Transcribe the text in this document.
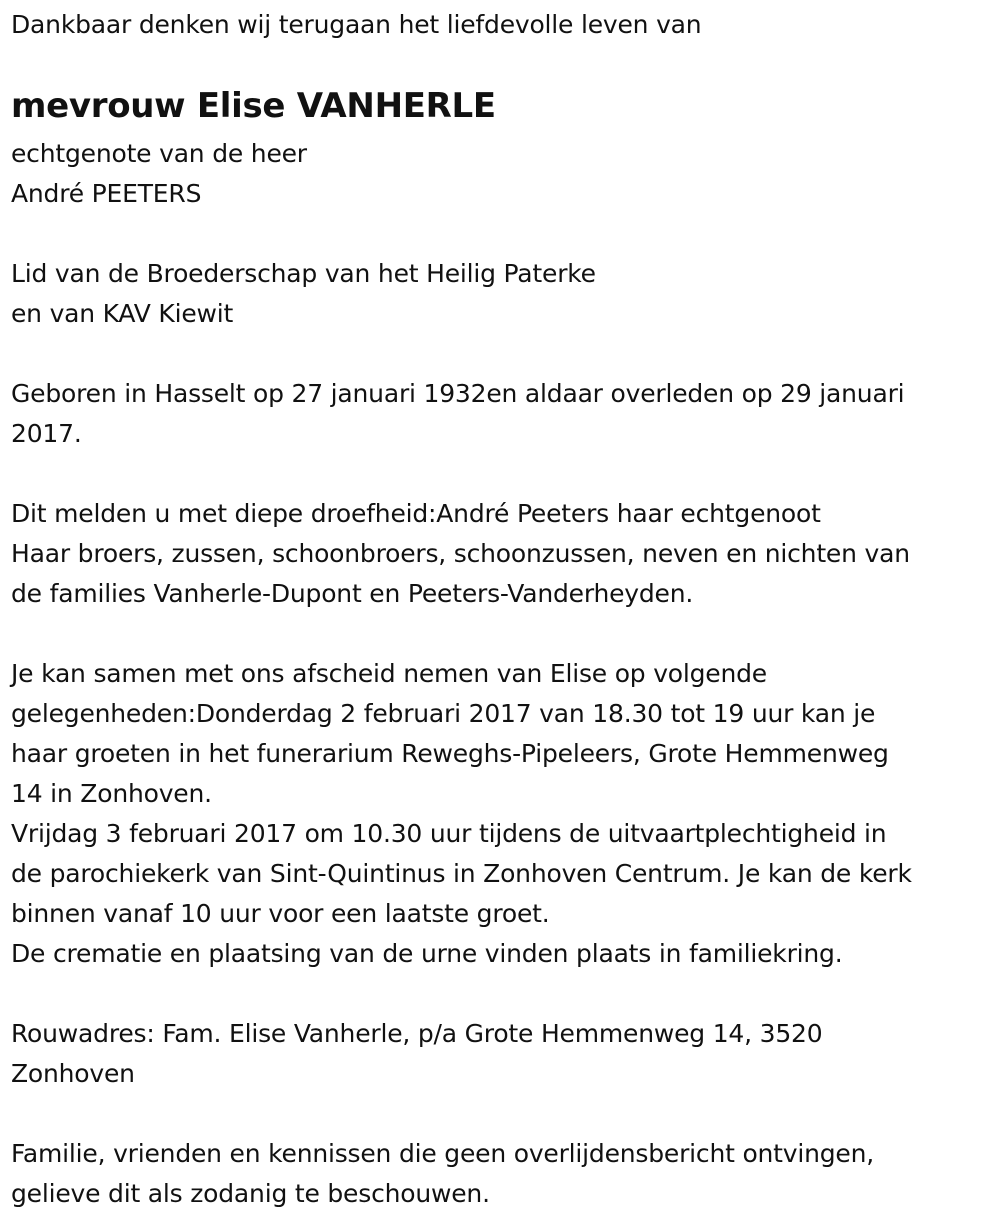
Dankbaar denken wij terugaan het liefdevolle leven van
mevrouw Elise VANHERLE
echtgenote van de heer
André PEETERS
Lid van de Broederschap van het Heilig Paterke
en van KAV Kiewit
Geboren in Hasselt op 27 januari 1932en aldaar overleden op 29 januari
2017.
Dit melden u met diepe droefheid:André Peeters haar echtgenoot
Haar broers, zussen, schoonbroers, schoonzussen, neven en nichten van
de families Vanherle-Dupont en Peeters-Vanderheyden.
Je kan samen met ons afscheid nemen van Elise op volgende
gelegenheden:Donderdag 2 februari 2017 van 18.30 tot 19 uur kan je
haar groeten in het funerarium Reweghs-Pipeleers, Grote Hemmenweg
14 in Zonhoven.
Vrijdag 3 februari 2017 om 10.30 uur tijdens de uitvaartplechtigheid in
de parochiekerk van Sint-Quintinus in Zonhoven Centrum. Je kan de kerk
binnen vanaf 10 uur voor een laatste groet.
De crematie en plaatsing van de urne vinden plaats in familiekring.
Rouwadres: Fam. Elise Vanherle, p/a Grote Hemmenweg 14, 3520
Zonhoven
Familie, vrienden en kennissen die geen overlijdensbericht ontvingen,
gelieve dit als zodanig te beschouwen.
